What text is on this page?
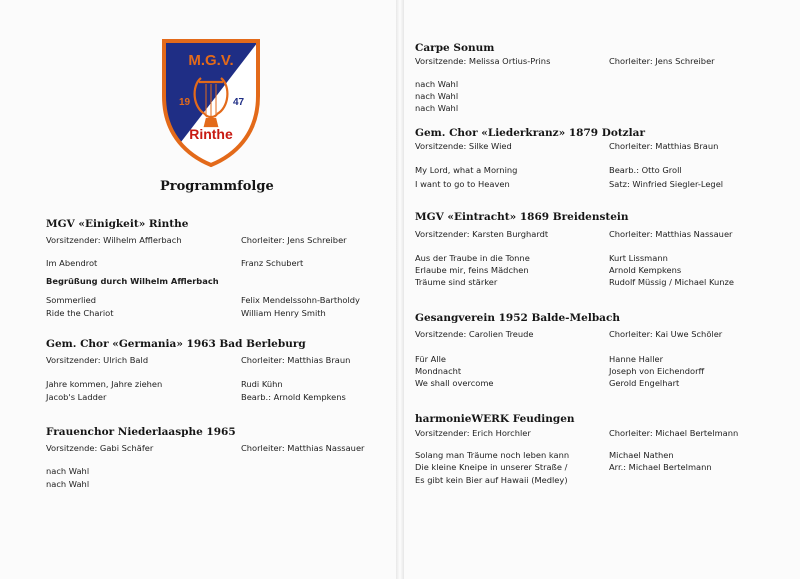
M.G.V.
19	47
Rinthe
Programmfolge
MGV «Einigkeit» Rinthe
Vorsitzender: Wilhelm Afflerbach	Chorleiter: Jens Schreiber
Im Abendrot	Franz Schubert
Begrüßung durch Wilhelm Afflerbach
Sommerlied	Felix Mendelssohn-Bartholdy
Ride the Chariot	William Henry Smith
Gem. Chor «Germania» 1963 Bad Berleburg
Vorsitzender: Ulrich Bald	Chorleiter: Matthias Braun
Jahre kommen, Jahre ziehen	Rudi Kühn
Jacob's Ladder	Bearb.: Arnold Kempkens
Frauenchor Niederlaasphe 1965
Vorsitzende: Gabi Schäfer	Chorleiter: Matthias Nassauer
nach Wahl
nach Wahl
Carpe Sonum
Vorsitzende: Melissa Ortius-Prins	Chorleiter: Jens Schreiber
nach Wahl
nach Wahl
nach Wahl
Gem. Chor «Liederkranz» 1879 Dotzlar
Vorsitzende: Silke Wied	Chorleiter: Matthias Braun
My Lord, what a Morning	Bearb.: Otto Groll
I want to go to Heaven	Satz: Winfried Siegler-Legel
MGV «Eintracht» 1869 Breidenstein
Vorsitzender: Karsten Burghardt	Chorleiter: Matthias Nassauer
Aus der Traube in die Tonne	Kurt Lissmann
Erlaube mir, feins Mädchen	Arnold Kempkens
Träume sind stärker	Rudolf Müssig / Michael Kunze
Gesangverein 1952 Balde-Melbach
Vorsitzende: Carolien Treude	Chorleiter: Kai Uwe Schöler
Für Alle	Hanne Haller
Mondnacht	Joseph von Eichendorff
We shall overcome	Gerold Engelhart
harmonieWERK Feudingen
Vorsitzender: Erich Horchler	Chorleiter: Michael Bertelmann
Solang man Träume noch leben kann	Michael Nathen
Die kleine Kneipe in unserer Straße /	Arr.: Michael Bertelmann
Es gibt kein Bier auf Hawaii (Medley)
